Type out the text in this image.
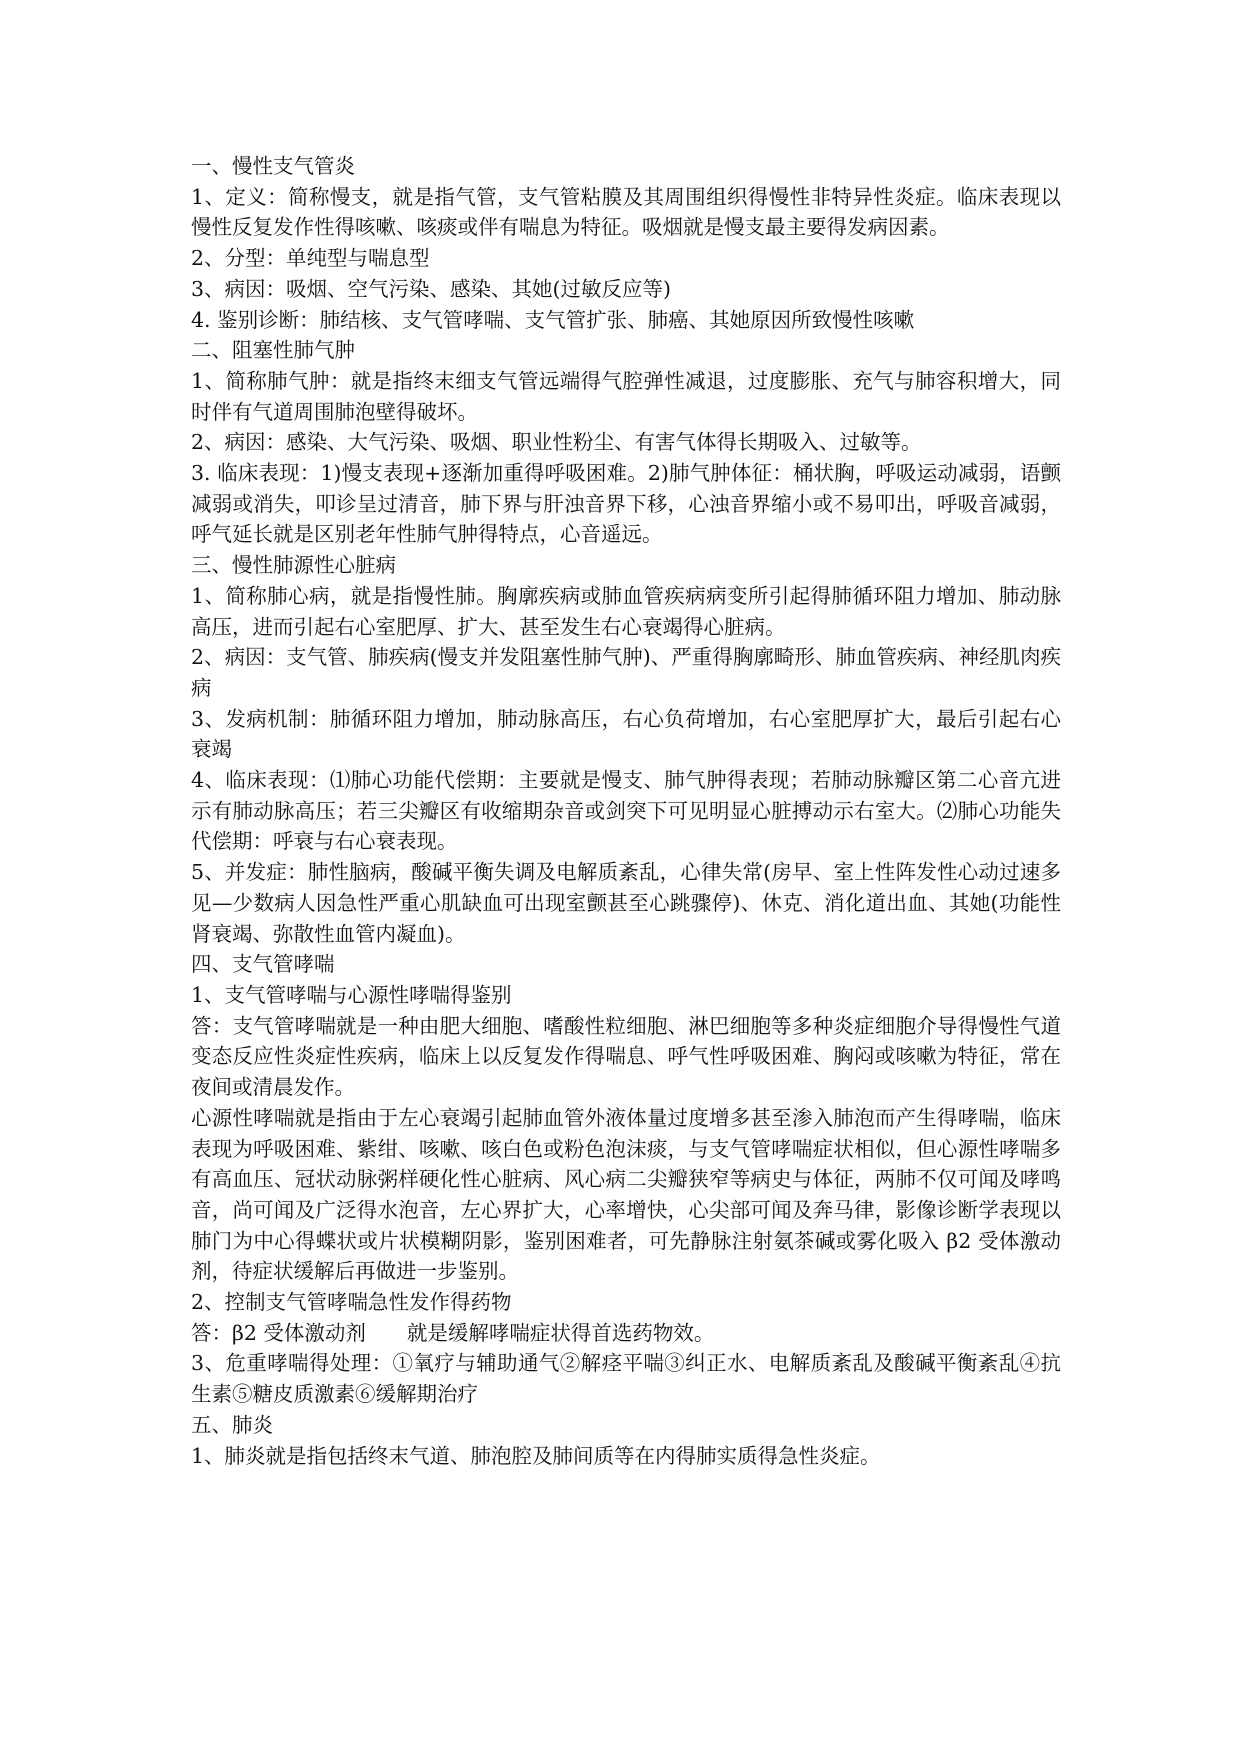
一、慢性支气管炎

1、定义：简称慢支，就是指气管，支气管粘膜及其周围组织得慢性非特异性炎症。临床表现以慢性反复发作性得咳嗽、咳痰或伴有喘息为特征。吸烟就是慢支最主要得发病因素。

2、分型：单纯型与喘息型

3、病因：吸烟、空气污染、感染、其她(过敏反应等)

4. 鉴别诊断：肺结核、支气管哮喘、支气管扩张、肺癌、其她原因所致慢性咳嗽

二、阻塞性肺气肿

1、简称肺气肿：就是指终末细支气管远端得气腔弹性减退，过度膨胀、充气与肺容积增大，同时伴有气道周围肺泡壁得破坏。

2、病因：感染、大气污染、吸烟、职业性粉尘、有害气体得长期吸入、过敏等。

3. 临床表现：1)慢支表现+逐渐加重得呼吸困难。2)肺气肿体征：桶状胸，呼吸运动减弱，语颤减弱或消失，叩诊呈过清音，肺下界与肝浊音界下移，心浊音界缩小或不易叩出，呼吸音减弱，呼气延长就是区别老年性肺气肿得特点，心音遥远。

三、慢性肺源性心脏病

1、简称肺心病，就是指慢性肺。胸廓疾病或肺血管疾病病变所引起得肺循环阻力增加、肺动脉高压，进而引起右心室肥厚、扩大、甚至发生右心衰竭得心脏病。

2、病因：支气管、肺疾病(慢支并发阻塞性肺气肿)、严重得胸廓畸形、肺血管疾病、神经肌肉疾病

3、发病机制：肺循环阻力增加，肺动脉高压，右心负荷增加，右心室肥厚扩大，最后引起右心衰竭

4、临床表现：⑴肺心功能代偿期：主要就是慢支、肺气肿得表现；若肺动脉瓣区第二心音亢进示有肺动脉高压；若三尖瓣区有收缩期杂音或剑突下可见明显心脏搏动示右室大。⑵肺心功能失代偿期：呼衰与右心衰表现。

5、并发症：肺性脑病，酸碱平衡失调及电解质紊乱，心律失常(房早、室上性阵发性心动过速多见—少数病人因急性严重心肌缺血可出现室颤甚至心跳骤停)、休克、消化道出血、其她(功能性肾衰竭、弥散性血管内凝血)。

四、支气管哮喘

1、支气管哮喘与心源性哮喘得鉴别

答：支气管哮喘就是一种由肥大细胞、嗜酸性粒细胞、淋巴细胞等多种炎症细胞介导得慢性气道变态反应性炎症性疾病，临床上以反复发作得喘息、呼气性呼吸困难、胸闷或咳嗽为特征，常在夜间或清晨发作。

心源性哮喘就是指由于左心衰竭引起肺血管外液体量过度增多甚至渗入肺泡而产生得哮喘，临床表现为呼吸困难、紫绀、咳嗽、咳白色或粉色泡沫痰，与支气管哮喘症状相似，但心源性哮喘多有高血压、冠状动脉粥样硬化性心脏病、风心病二尖瓣狭窄等病史与体征，两肺不仅可闻及哮鸣音，尚可闻及广泛得水泡音，左心界扩大，心率增快，心尖部可闻及奔马律，影像诊断学表现以肺门为中心得蝶状或片状模糊阴影，鉴别困难者，可先静脉注射氨茶碱或雾化吸入 β2 受体激动剂，待症状缓解后再做进一步鉴别。

2、控制支气管哮喘急性发作得药物

答：β2 受体激动剂　　就是缓解哮喘症状得首选药物效。

3、危重哮喘得处理：①氧疗与辅助通气②解痉平喘③纠正水、电解质紊乱及酸碱平衡紊乱④抗生素⑤糖皮质激素⑥缓解期治疗

五、肺炎

1、肺炎就是指包括终末气道、肺泡腔及肺间质等在内得肺实质得急性炎症。
